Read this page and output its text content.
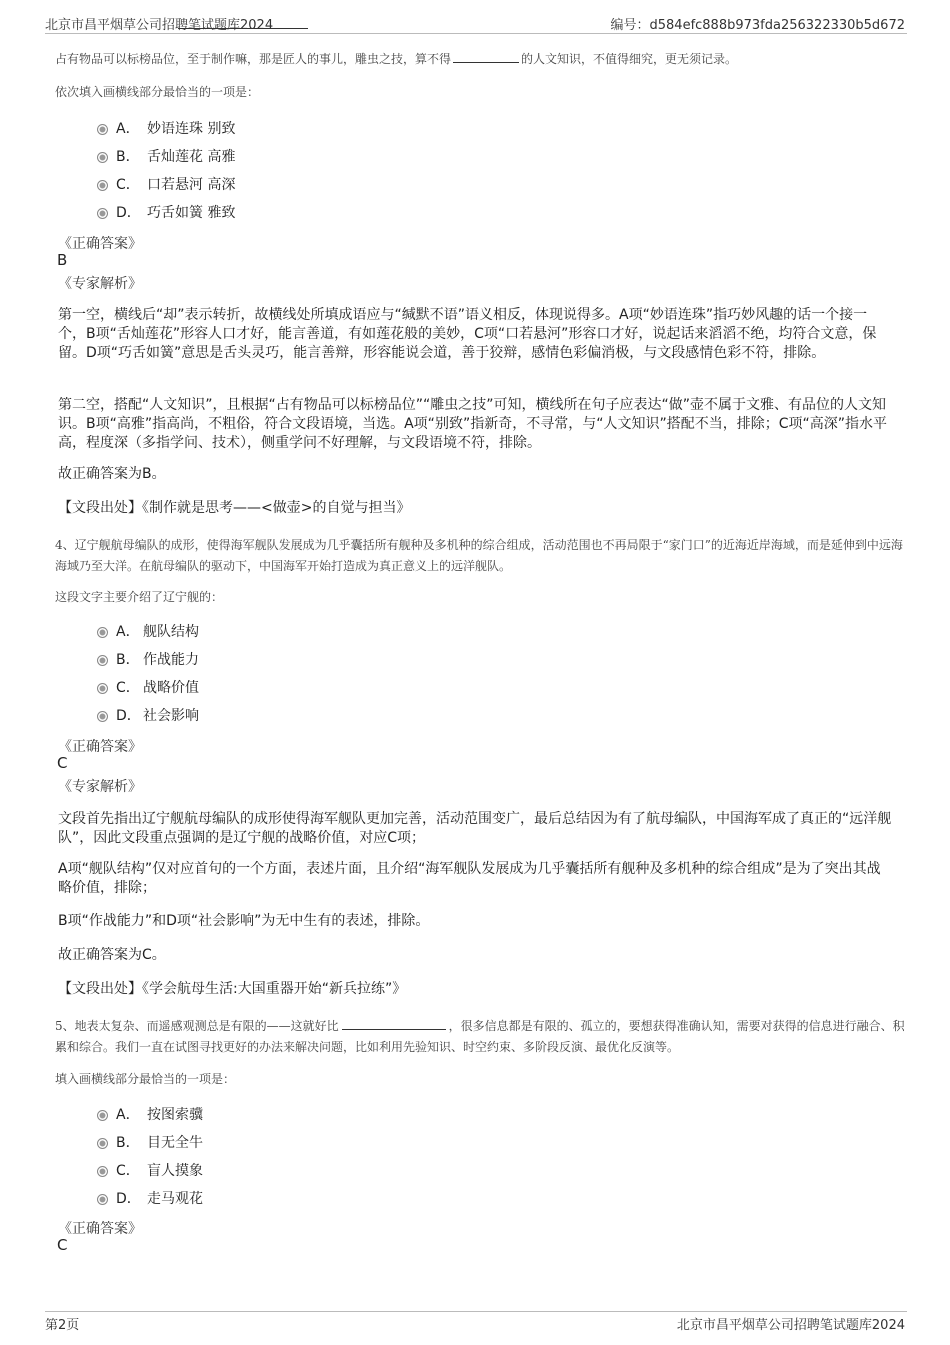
北京市昌平烟草公司招聘笔试题库2024	编号：d584efc888b973fda256322330b5d672
占有物品可以标榜品位，至于制作嘛，那是匠人的事儿，雕虫之技，算不得	的人文知识，不值得细究，更无须记录。
依次填入画横线部分最恰当的一项是：
A． 妙语连珠 别致
B． 舌灿莲花 高雅
C． 口若悬河 高深
D． 巧舌如簧 雅致
《正确答案》
B
《专家解析》
第一空，横线后“却”表示转折，故横线处所填成语应与“缄默不语”语义相反，体现说得多。A项“妙语连珠”指巧妙风趣的话一个接一个，B项“舌灿莲花”形容人口才好，能言善道，有如莲花般的美妙，C项“口若悬河”形容口才好，说起话来滔滔不绝，均符合文意，保留。D项“巧舌如簧”意思是舌头灵巧，能言善辩，形容能说会道，善于狡辩，感情色彩偏消极，与文段感情色彩不符，排除。
第二空，搭配“人文知识”，且根据“占有物品可以标榜品位”“雕虫之技”可知，横线所在句子应表达“做”壶不属于文雅、有品位的人文知识。B项“高雅”指高尚，不粗俗，符合文段语境，当选。A项“别致”指新奇，不寻常，与“人文知识”搭配不当，排除；C项“高深”指水平高，程度深（多指学问、技术），侧重学问不好理解，与文段语境不符，排除。
故正确答案为B。
【文段出处】《制作就是思考——<做壶>的自觉与担当》
4、辽宁舰航母编队的成形，使得海军舰队发展成为几乎囊括所有舰种及多机种的综合组成，活动范围也不再局限于“家门口”的近海近岸海域，而是延伸到中远海海域乃至大洋。在航母编队的驱动下，中国海军开始打造成为真正意义上的远洋舰队。
这段文字主要介绍了辽宁舰的：
A． 舰队结构
B． 作战能力
C． 战略价值
D． 社会影响
《正确答案》
C
《专家解析》
文段首先指出辽宁舰航母编队的成形使得海军舰队更加完善，活动范围变广，最后总结因为有了航母编队，中国海军成了真正的“远洋舰队”，因此文段重点强调的是辽宁舰的战略价值，对应C项；
A项“舰队结构”仅对应首句的一个方面，表述片面，且介绍“海军舰队发展成为几乎囊括所有舰种及多机种的综合组成”是为了突出其战略价值，排除；
B项“作战能力”和D项“社会影响”为无中生有的表述，排除。
故正确答案为C。
【文段出处】《学会航母生活:大国重器开始“新兵拉练”》
5、地表太复杂、而遥感观测总是有限的——这就好比	，很多信息都是有限的、孤立的，要想获得准确认知，需要对获得的信息进行融合、积累和综合。我们一直在试图寻找更好的办法来解决问题，比如利用先验知识、时空约束、多阶段反演、最优化反演等。
填入画横线部分最恰当的一项是：
A． 按图索骥
B． 目无全牛
C． 盲人摸象
D． 走马观花
《正确答案》
C
第2页	北京市昌平烟草公司招聘笔试题库2024
